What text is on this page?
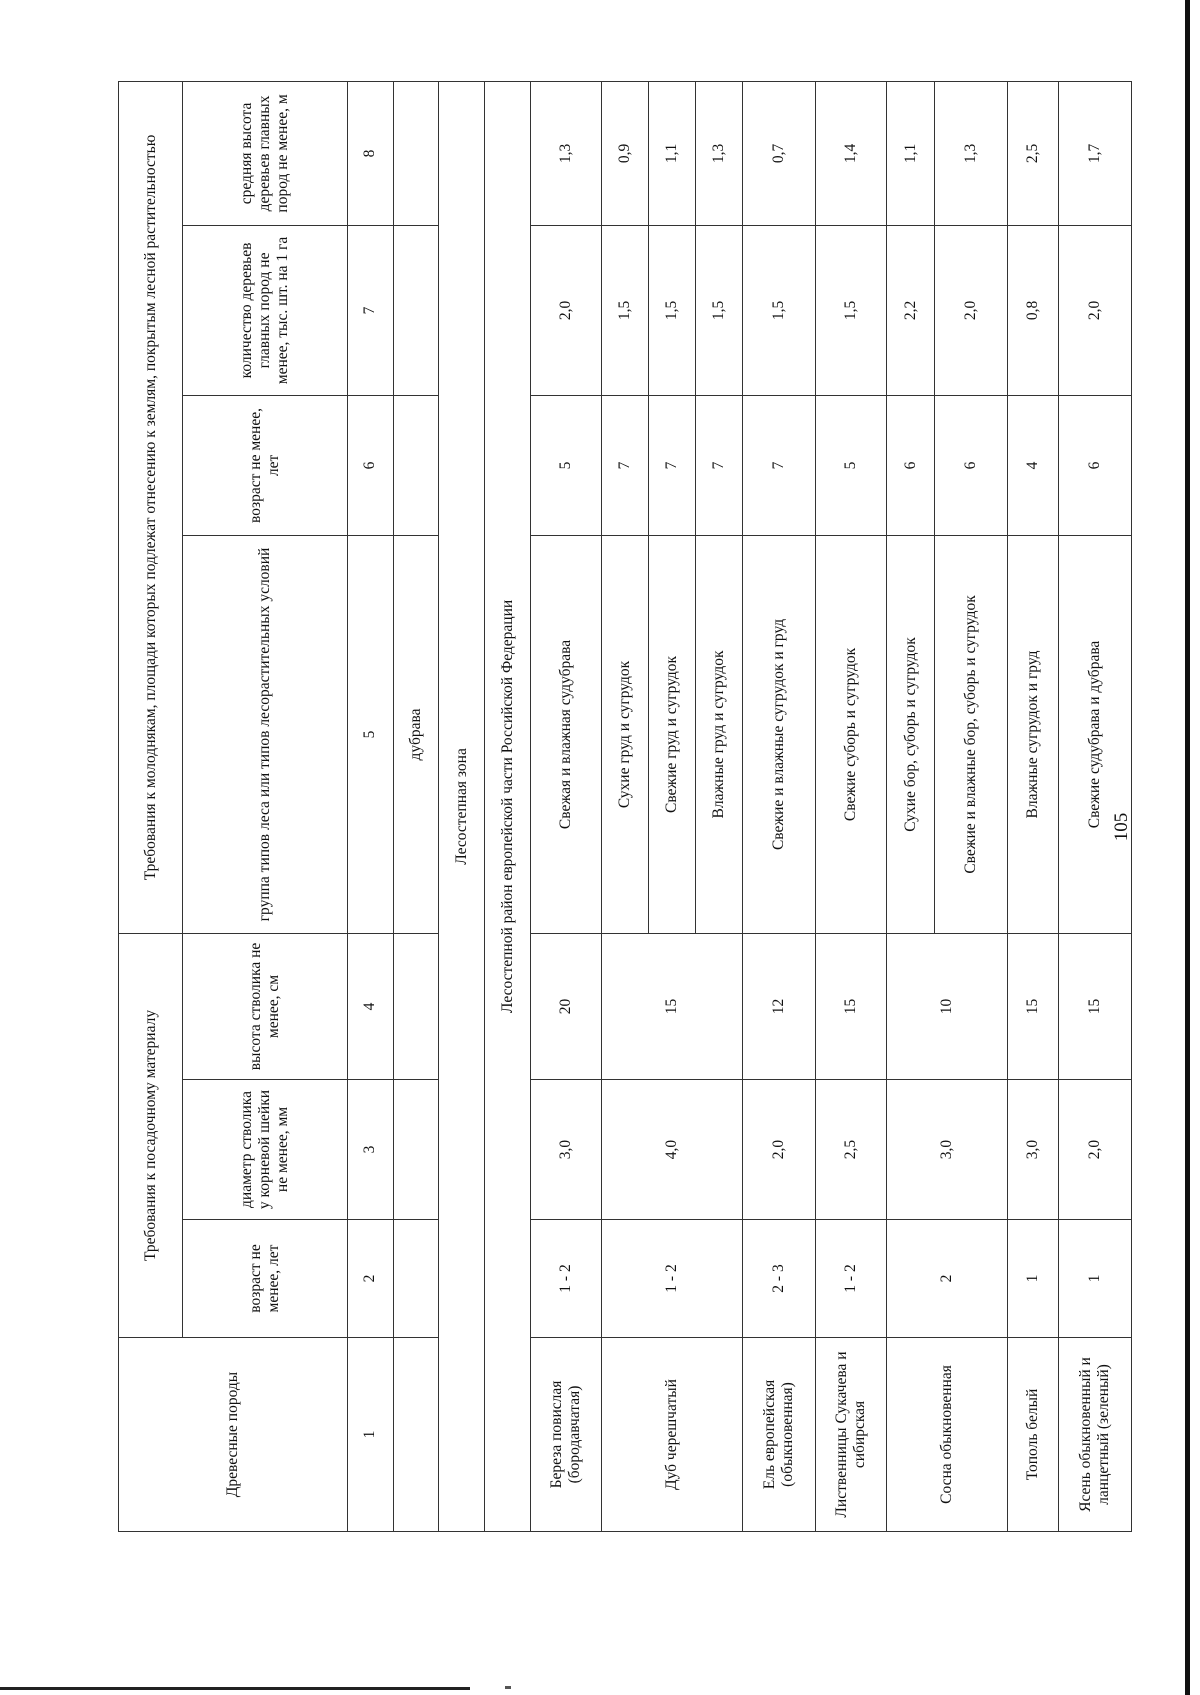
Древесные породы	Требования к посадочному материалу			Требования к молоднякам, площади которых подлежат отнесению к землям, покрытым лесной растительностью			
	возраст не менее, лет	диаметр стволика у корневой шейки не менее, мм	высота стволика не менее, см	группа типов леса или типов лесорастительных условий	возраст не менее, лет	количество деревьев главных пород не менее, тыс. шт. на 1 га	средняя высота деревьев главных пород не менее, м
1	2	3	4	5	6	7	8
				дубрава			
Лесостепная зона							
Лесостепной район европейской части Российской Федерации							
Береза повислая (бородавчатая)	1 - 2	3,0	20	Свежая и влажная судубрава	5	2,0	1,3
Дуб черешчатый	1 - 2	4,0	15	Сухие груд и сугрудок	7	1,5	0,9
				Свежие груд и сугрудок	7	1,5	1,1
				Влажные груд и сугрудок	7	1,5	1,3
Ель европейская (обыкновенная)	2 - 3	2,0	12	Свежие и влажные сугрудок и груд	7	1,5	0,7
Лиственницы Сукачева и сибирская	1 - 2	2,5	15	Свежие суборь и сугрудок	5	1,5	1,4
Сосна обыкновенная	2	3,0	10	Сухие бор, суборь и сугрудок	6	2,2	1,1
				Свежие и влажные бор, суборь и сугрудок	6	2,0	1,3
Тополь белый	1	3,0	15	Влажные сугрудок и груд	4	0,8	2,5
Ясень обыкновенный и ланцетный (зеленый)	1	2,0	15	Свежие судубрава и дубрава	6	2,0	1,7
105
